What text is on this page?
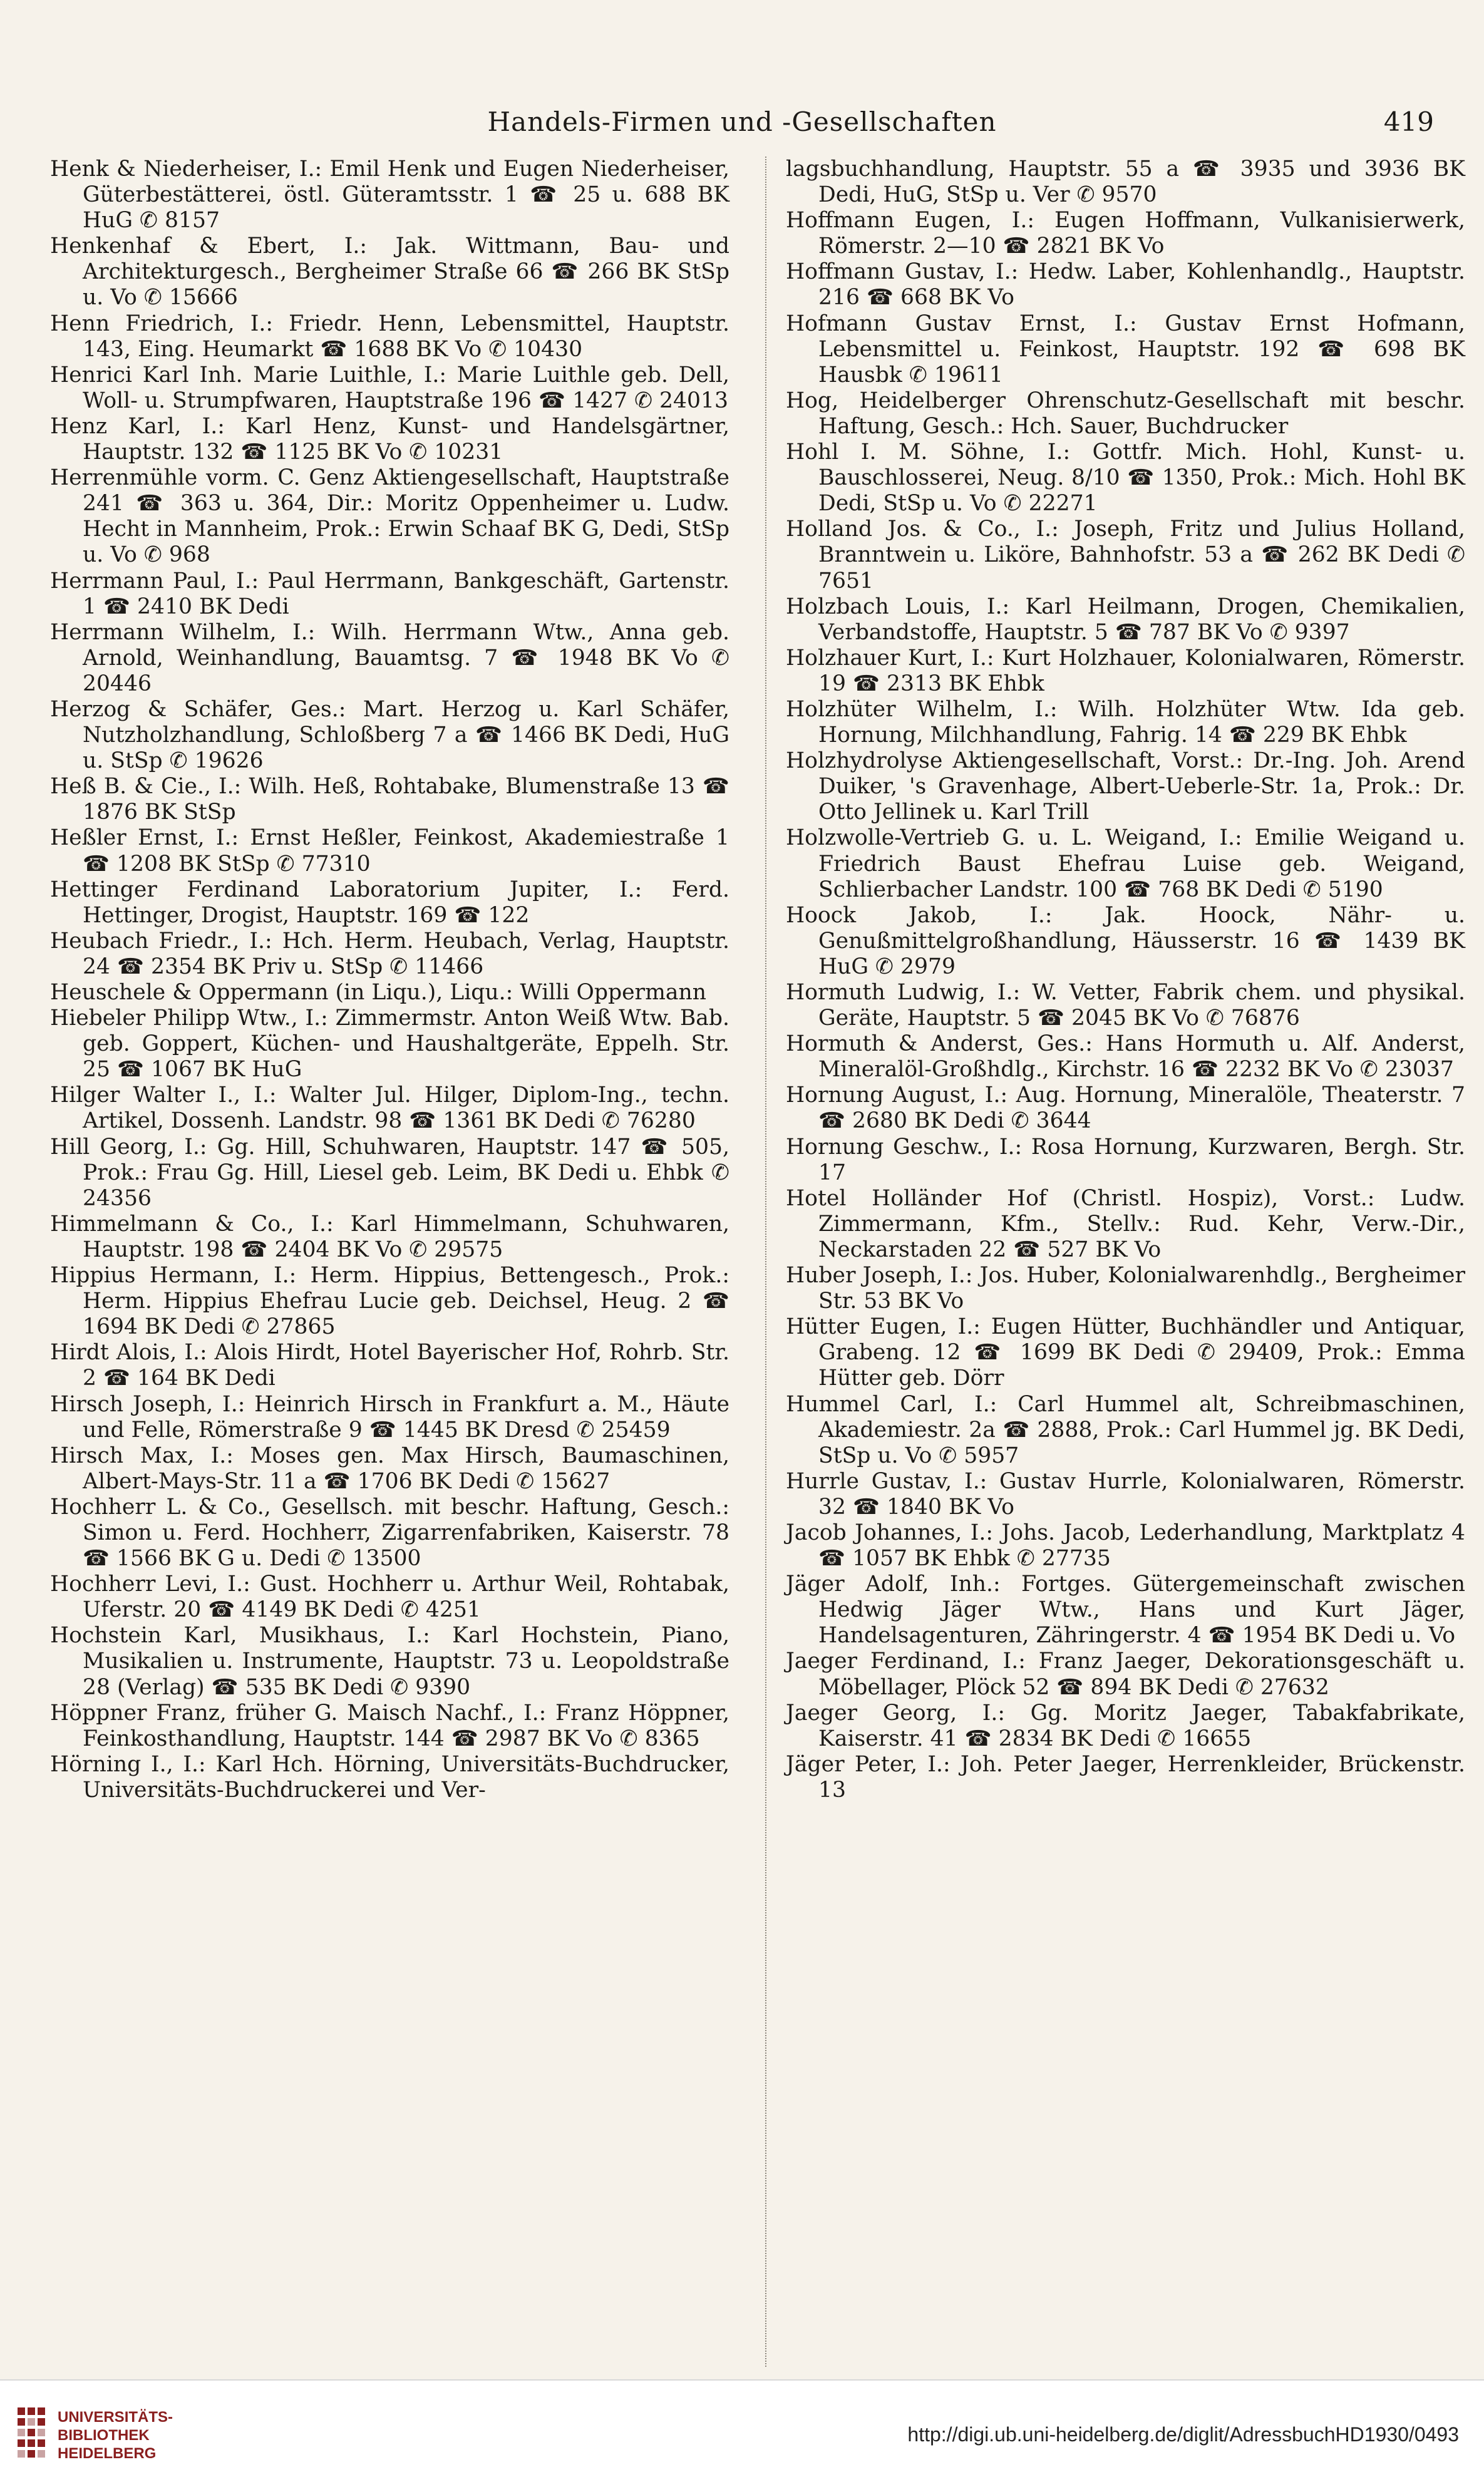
Handels-Firmen und -Gesellschaften	419

Henk & Niederheiser, I.: Emil Henk und Eugen Niederheiser, Güterbestätterei, östl. Güteramtsstr. 1 ☎ 25 u. 688 BK HuG ✆ 8157

Henkenhaf & Ebert, I.: Jak. Wittmann, Bau- und Architekturgesch., Bergheimer Straße 66 ☎ 266 BK StSp u. Vo ✆ 15666

Henn Friedrich, I.: Friedr. Henn, Lebensmittel, Hauptstr. 143, Eing. Heumarkt ☎ 1688 BK Vo ✆ 10430

Henrici Karl Inh. Marie Luithle, I.: Marie Luithle geb. Dell, Woll- u. Strumpfwaren, Hauptstraße 196 ☎ 1427 ✆ 24013

Henz Karl, I.: Karl Henz, Kunst- und Handelsgärtner, Hauptstr. 132 ☎ 1125 BK Vo ✆ 10231

Herrenmühle vorm. C. Genz Aktiengesellschaft, Hauptstraße 241 ☎ 363 u. 364, Dir.: Moritz Oppenheimer u. Ludw. Hecht in Mannheim, Prok.: Erwin Schaaf BK G, Dedi, StSp u. Vo ✆ 968

Herrmann Paul, I.: Paul Herrmann, Bankgeschäft, Gartenstr. 1 ☎ 2410 BK Dedi

Herrmann Wilhelm, I.: Wilh. Herrmann Wtw., Anna geb. Arnold, Weinhandlung, Bauamtsg. 7 ☎ 1948 BK Vo ✆ 20446

Herzog & Schäfer, Ges.: Mart. Herzog u. Karl Schäfer, Nutzholzhandlung, Schloßberg 7 a ☎ 1466 BK Dedi, HuG u. StSp ✆ 19626

Heß B. & Cie., I.: Wilh. Heß, Rohtabake, Blumenstraße 13 ☎ 1876 BK StSp

Heßler Ernst, I.: Ernst Heßler, Feinkost, Akademiestraße 1 ☎ 1208 BK StSp ✆ 77310

Hettinger Ferdinand Laboratorium Jupiter, I.: Ferd. Hettinger, Drogist, Hauptstr. 169 ☎ 122

Heubach Friedr., I.: Hch. Herm. Heubach, Verlag, Hauptstr. 24 ☎ 2354 BK Priv u. StSp ✆ 11466

Heuschele & Oppermann (in Liqu.), Liqu.: Willi Oppermann

Hiebeler Philipp Wtw., I.: Zimmermstr. Anton Weiß Wtw. Bab. geb. Goppert, Küchen- und Haushaltgeräte, Eppelh. Str. 25 ☎ 1067 BK HuG

Hilger Walter I., I.: Walter Jul. Hilger, Diplom-Ing., techn. Artikel, Dossenh. Landstr. 98 ☎ 1361 BK Dedi ✆ 76280

Hill Georg, I.: Gg. Hill, Schuhwaren, Hauptstr. 147 ☎ 505, Prok.: Frau Gg. Hill, Liesel geb. Leim, BK Dedi u. Ehbk ✆ 24356

Himmelmann & Co., I.: Karl Himmelmann, Schuhwaren, Hauptstr. 198 ☎ 2404 BK Vo ✆ 29575

Hippius Hermann, I.: Herm. Hippius, Bettengesch., Prok.: Herm. Hippius Ehefrau Lucie geb. Deichsel, Heug. 2 ☎ 1694 BK Dedi ✆ 27865

Hirdt Alois, I.: Alois Hirdt, Hotel Bayerischer Hof, Rohrb. Str. 2 ☎ 164 BK Dedi

Hirsch Joseph, I.: Heinrich Hirsch in Frankfurt a. M., Häute und Felle, Römerstraße 9 ☎ 1445 BK Dresd ✆ 25459

Hirsch Max, I.: Moses gen. Max Hirsch, Baumaschinen, Albert-Mays-Str. 11 a ☎ 1706 BK Dedi ✆ 15627

Hochherr L. & Co., Gesellsch. mit beschr. Haftung, Gesch.: Simon u. Ferd. Hochherr, Zigarrenfabriken, Kaiserstr. 78 ☎ 1566 BK G u. Dedi ✆ 13500

Hochherr Levi, I.: Gust. Hochherr u. Arthur Weil, Rohtabak, Uferstr. 20 ☎ 4149 BK Dedi ✆ 4251

Hochstein Karl, Musikhaus, I.: Karl Hochstein, Piano, Musikalien u. Instrumente, Hauptstr. 73 u. Leopoldstraße 28 (Verlag) ☎ 535 BK Dedi ✆ 9390

Höppner Franz, früher G. Maisch Nachf., I.: Franz Höppner, Feinkosthandlung, Hauptstr. 144 ☎ 2987 BK Vo ✆ 8365

Hörning I., I.: Karl Hch. Hörning, Universitäts-Buchdrucker, Universitäts-Buchdruckerei und Ver-

lagsbuchhandlung, Hauptstr. 55 a ☎ 3935 und 3936 BK Dedi, HuG, StSp u. Ver ✆ 9570

Hoffmann Eugen, I.: Eugen Hoffmann, Vulkanisierwerk, Römerstr. 2—10 ☎ 2821 BK Vo

Hoffmann Gustav, I.: Hedw. Laber, Kohlenhandlg., Hauptstr. 216 ☎ 668 BK Vo

Hofmann Gustav Ernst, I.: Gustav Ernst Hofmann, Lebensmittel u. Feinkost, Hauptstr. 192 ☎ 698 BK Hausbk ✆ 19611

Hog, Heidelberger Ohrenschutz-Gesellschaft mit beschr. Haftung, Gesch.: Hch. Sauer, Buchdrucker

Hohl I. M. Söhne, I.: Gottfr. Mich. Hohl, Kunst- u. Bauschlosserei, Neug. 8/10 ☎ 1350, Prok.: Mich. Hohl BK Dedi, StSp u. Vo ✆ 22271

Holland Jos. & Co., I.: Joseph, Fritz und Julius Holland, Branntwein u. Liköre, Bahnhofstr. 53 a ☎ 262 BK Dedi ✆ 7651

Holzbach Louis, I.: Karl Heilmann, Drogen, Chemikalien, Verbandstoffe, Hauptstr. 5 ☎ 787 BK Vo ✆ 9397

Holzhauer Kurt, I.: Kurt Holzhauer, Kolonialwaren, Römerstr. 19 ☎ 2313 BK Ehbk

Holzhüter Wilhelm, I.: Wilh. Holzhüter Wtw. Ida geb. Hornung, Milchhandlung, Fahrig. 14 ☎ 229 BK Ehbk

Holzhydrolyse Aktiengesellschaft, Vorst.: Dr.-Ing. Joh. Arend Duiker, 's Gravenhage, Albert-Ueberle-Str. 1a, Prok.: Dr. Otto Jellinek u. Karl Trill

Holzwolle-Vertrieb G. u. L. Weigand, I.: Emilie Weigand u. Friedrich Baust Ehefrau Luise geb. Weigand, Schlierbacher Landstr. 100 ☎ 768 BK Dedi ✆ 5190

Hoock Jakob, I.: Jak. Hoock, Nähr- u. Genußmittelgroßhandlung, Häusserstr. 16 ☎ 1439 BK HuG ✆ 2979

Hormuth Ludwig, I.: W. Vetter, Fabrik chem. und physikal. Geräte, Hauptstr. 5 ☎ 2045 BK Vo ✆ 76876

Hormuth & Anderst, Ges.: Hans Hormuth u. Alf. Anderst, Mineralöl-Großhdlg., Kirchstr. 16 ☎ 2232 BK Vo ✆ 23037

Hornung August, I.: Aug. Hornung, Mineralöle, Theaterstr. 7 ☎ 2680 BK Dedi ✆ 3644

Hornung Geschw., I.: Rosa Hornung, Kurzwaren, Bergh. Str. 17

Hotel Holländer Hof (Christl. Hospiz), Vorst.: Ludw. Zimmermann, Kfm., Stellv.: Rud. Kehr, Verw.-Dir., Neckarstaden 22 ☎ 527 BK Vo

Huber Joseph, I.: Jos. Huber, Kolonialwarenhdlg., Bergheimer Str. 53 BK Vo

Hütter Eugen, I.: Eugen Hütter, Buchhändler und Antiquar, Grabeng. 12 ☎ 1699 BK Dedi ✆ 29409, Prok.: Emma Hütter geb. Dörr

Hummel Carl, I.: Carl Hummel alt, Schreibmaschinen, Akademiestr. 2a ☎ 2888, Prok.: Carl Hummel jg. BK Dedi, StSp u. Vo ✆ 5957

Hurrle Gustav, I.: Gustav Hurrle, Kolonialwaren, Römerstr. 32 ☎ 1840 BK Vo

Jacob Johannes, I.: Johs. Jacob, Lederhandlung, Marktplatz 4 ☎ 1057 BK Ehbk ✆ 27735

Jäger Adolf, Inh.: Fortges. Gütergemeinschaft zwischen Hedwig Jäger Wtw., Hans und Kurt Jäger, Handelsagenturen, Zähringerstr. 4 ☎ 1954 BK Dedi u. Vo

Jaeger Ferdinand, I.: Franz Jaeger, Dekorationsgeschäft u. Möbellager, Plöck 52 ☎ 894 BK Dedi ✆ 27632

Jaeger Georg, I.: Gg. Moritz Jaeger, Tabakfabrikate, Kaiserstr. 41 ☎ 2834 BK Dedi ✆ 16655

Jäger Peter, I.: Joh. Peter Jaeger, Herrenkleider, Brückenstr. 13

UNIVERSITÄTS-
BIBLIOTHEK
HEIDELBERG
http://digi.ub.uni-heidelberg.de/diglit/AdressbuchHD1930/0493
